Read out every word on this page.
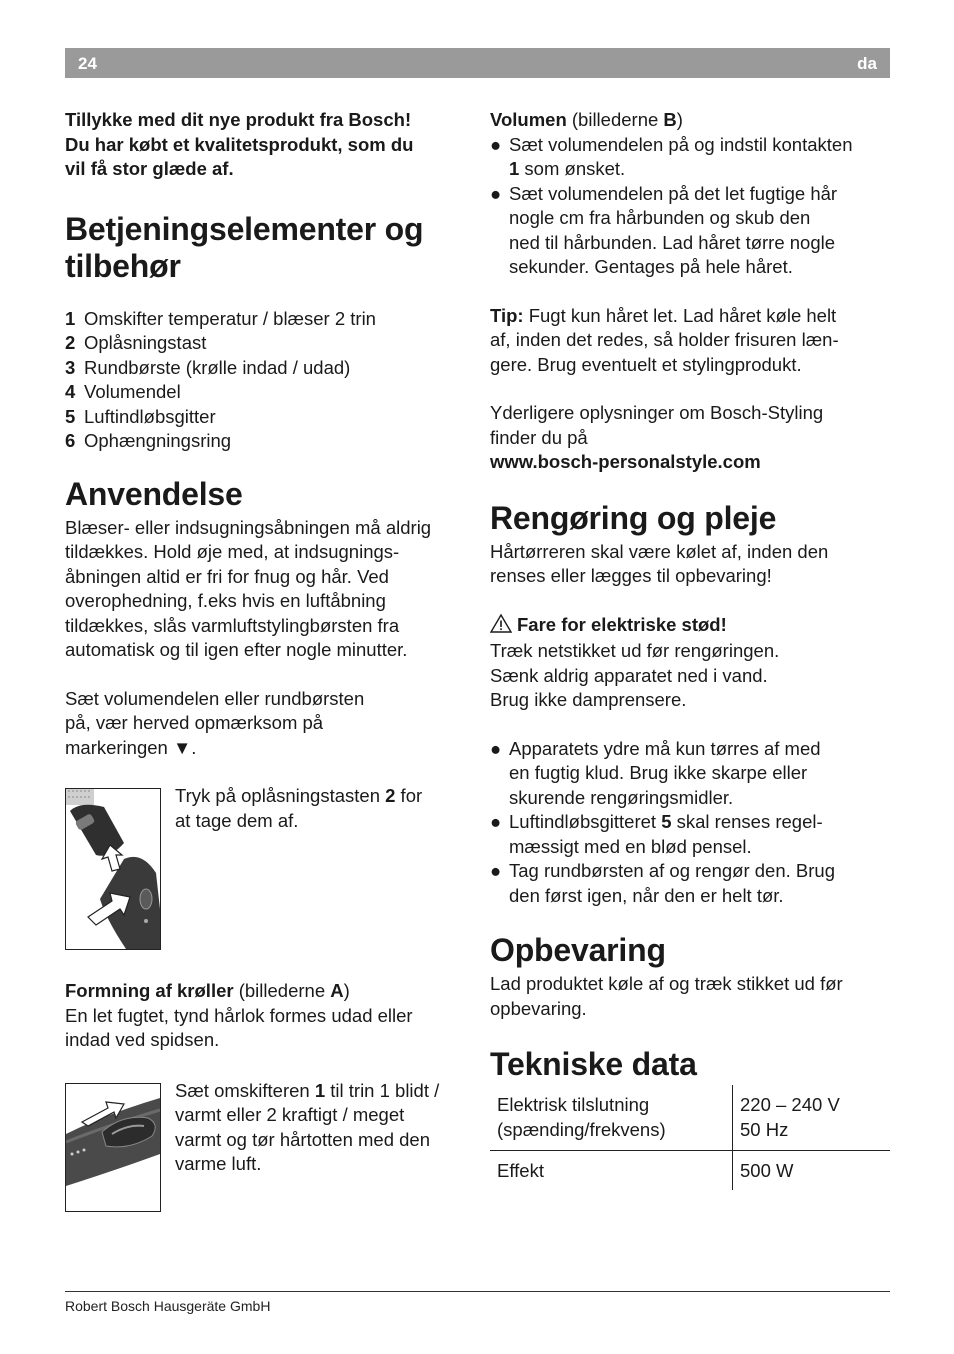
24	da

Tillykke med dit nye produkt fra Bosch!
Du har købt et kvalitetsprodukt, som du
vil få stor glæde af.

Betjeningselementer og
tilbehør
1 Omskifter temperatur / blæser 2 trin
2 Oplåsningstast
3 Rundbørste (krølle indad / udad)
4 Volumendel
5 Luftindløbsgitter
6 Ophængningsring
Anvendelse

Blæser- eller indsugningsåbningen må aldrig
tildækkes. Hold øje med, at indsugnings-
åbningen altid er fri for fnug og hår. Ved
overophedning, f.eks hvis en luftåbning
tildækkes, slås varmluftstylingbørsten fra
automatisk og til igen efter nogle minutter.

Sæt volumendelen eller rundbørsten
på, vær herved opmærksom på
markeringen ▼.

Tryk på oplåsningstasten 2 for
at tage dem af.

Formning af krøller (billederne A)
En let fugtet, tynd hårlok formes udad eller
indad ved spidsen.

Sæt omskifteren 1 til trin 1 blidt /
varmt eller 2 kraftigt / meget
varmt og tør hårtotten med den
varme luft.

Volumen (billederne B)

● Sæt volumendelen på og indstil kontakten
1 som ønsket.
● Sæt volumendelen på det let fugtige hår
nogle cm fra hårbunden og skub den
ned til hårbunden. Lad håret tørre nogle
sekunder. Gentages på hele håret.

Tip: Fugt kun håret let. Lad håret køle helt
af, inden det redes, så holder frisuren læn-
gere. Brug eventuelt et stylingprodukt.

Yderligere oplysninger om Bosch-Styling
finder du på
www.bosch-personalstyle.com

Rengøring og pleje

Hårtørreren skal være kølet af, inden den
renses eller lægges til opbevaring!

Fare for elektriske stød!
Træk netstikket ud før rengøringen.
Sænk aldrig apparatet ned i vand.
Brug ikke damprensere.

● Apparatets ydre må kun tørres af med
en fugtig klud. Brug ikke skarpe eller
skurende rengøringsmidler.
● Luftindløbsgitteret 5 skal renses regel-
mæssigt med en blød pensel.
● Tag rundbørsten af og rengør den. Brug
den først igen, når den er helt tør.
Opbevaring

Lad produktet køle af og træk stikket ud før
opbevaring.

Tekniske data
Elektrisk tilslutning
(spænding/frekvens)	220 – 240 V
50 Hz
Effekt	500 W
Robert Bosch Hausgeräte GmbH
